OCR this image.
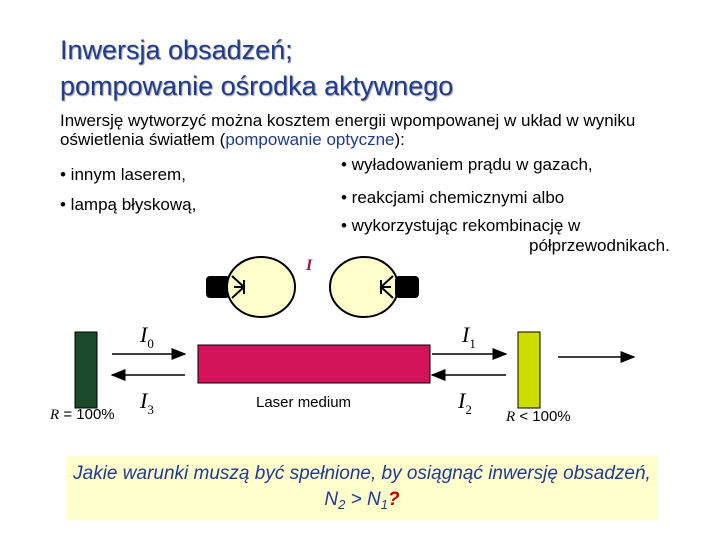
Inwersja obsadzeń;
pompowanie ośrodka aktywnego
Inwersję wytworzyć można kosztem energii wpompowanej w układ w wyniku oświetlenia światłem (pompowanie optyczne):
• innym laserem,
• lampą błyskową,
• wyładowaniem prądu w gazach,
• reakcjami chemicznymi albo
• wykorzystując rekombinację w
półprzewodnikach.
I
$I_0$	$I_1$
$I_3$	$I_2$
Laser medium
R = 100%	R < 100%
Jakie warunki muszą być spełnione, by osiągnąć inwersję obsadzeń, $N_2 > N_1$?
